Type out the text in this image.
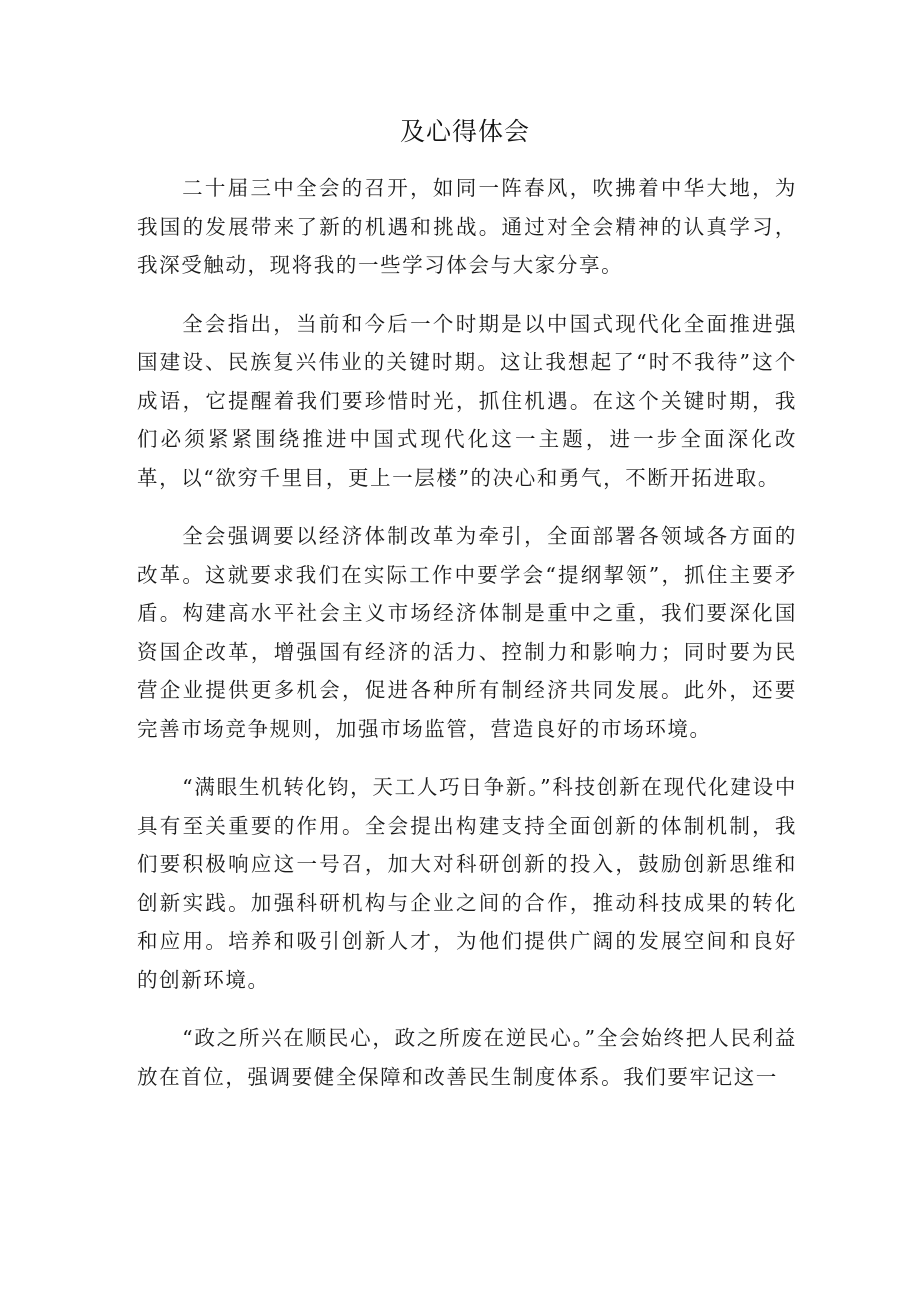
及心得体会

二十届三中全会的召开，如同一阵春风，吹拂着中华大地，为我国的发展带来了新的机遇和挑战。通过对全会精神的认真学习，我深受触动，现将我的一些学习体会与大家分享。

全会指出，当前和今后一个时期是以中国式现代化全面推进强国建设、民族复兴伟业的关键时期。这让我想起了“时不我待”这个成语，它提醒着我们要珍惜时光，抓住机遇。在这个关键时期，我们必须紧紧围绕推进中国式现代化这一主题，进一步全面深化改革，以“欲穷千里目，更上一层楼”的决心和勇气，不断开拓进取。

全会强调要以经济体制改革为牵引，全面部署各领域各方面的改革。这就要求我们在实际工作中要学会“提纲挈领”，抓住主要矛盾。构建高水平社会主义市场经济体制是重中之重，我们要深化国资国企改革，增强国有经济的活力、控制力和影响力；同时要为民营企业提供更多机会，促进各种所有制经济共同发展。此外，还要完善市场竞争规则，加强市场监管，营造良好的市场环境。

“满眼生机转化钧，天工人巧日争新。”科技创新在现代化建设中具有至关重要的作用。全会提出构建支持全面创新的体制机制，我们要积极响应这一号召，加大对科研创新的投入，鼓励创新思维和创新实践。加强科研机构与企业之间的合作，推动科技成果的转化和应用。培养和吸引创新人才，为他们提供广阔的发展空间和良好的创新环境。

“政之所兴在顺民心，政之所废在逆民心。”全会始终把人民利益放在首位，强调要健全保障和改善民生制度体系。我们要牢记这一
